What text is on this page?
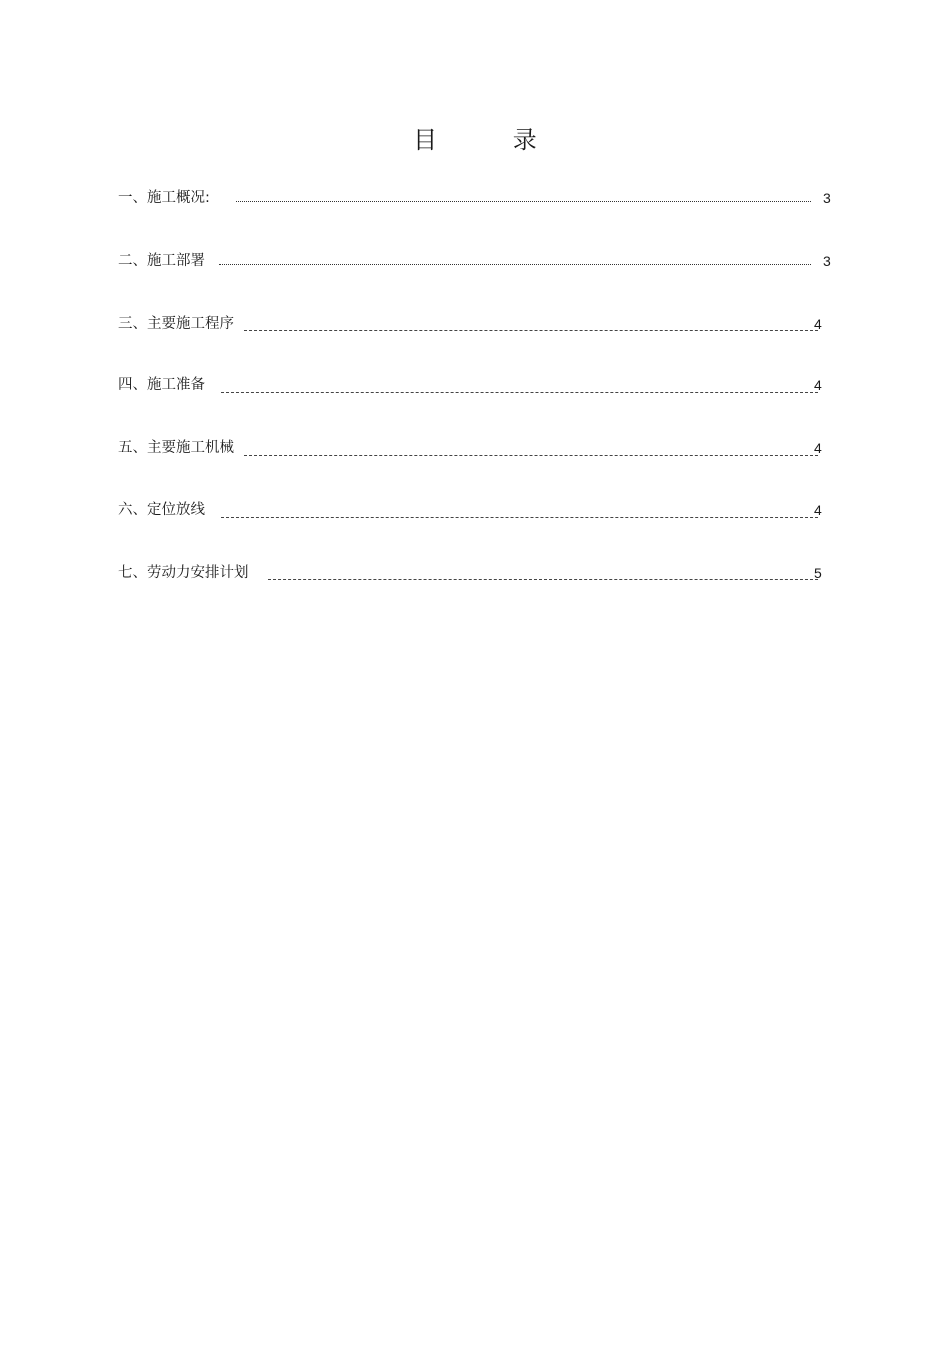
目 录
一、施工概况:	3
二、施工部署	3
三、主要施工程序	4
四、施工准备	4
五、主要施工机械	4
六、定位放线	4
七、劳动力安排计划	5
